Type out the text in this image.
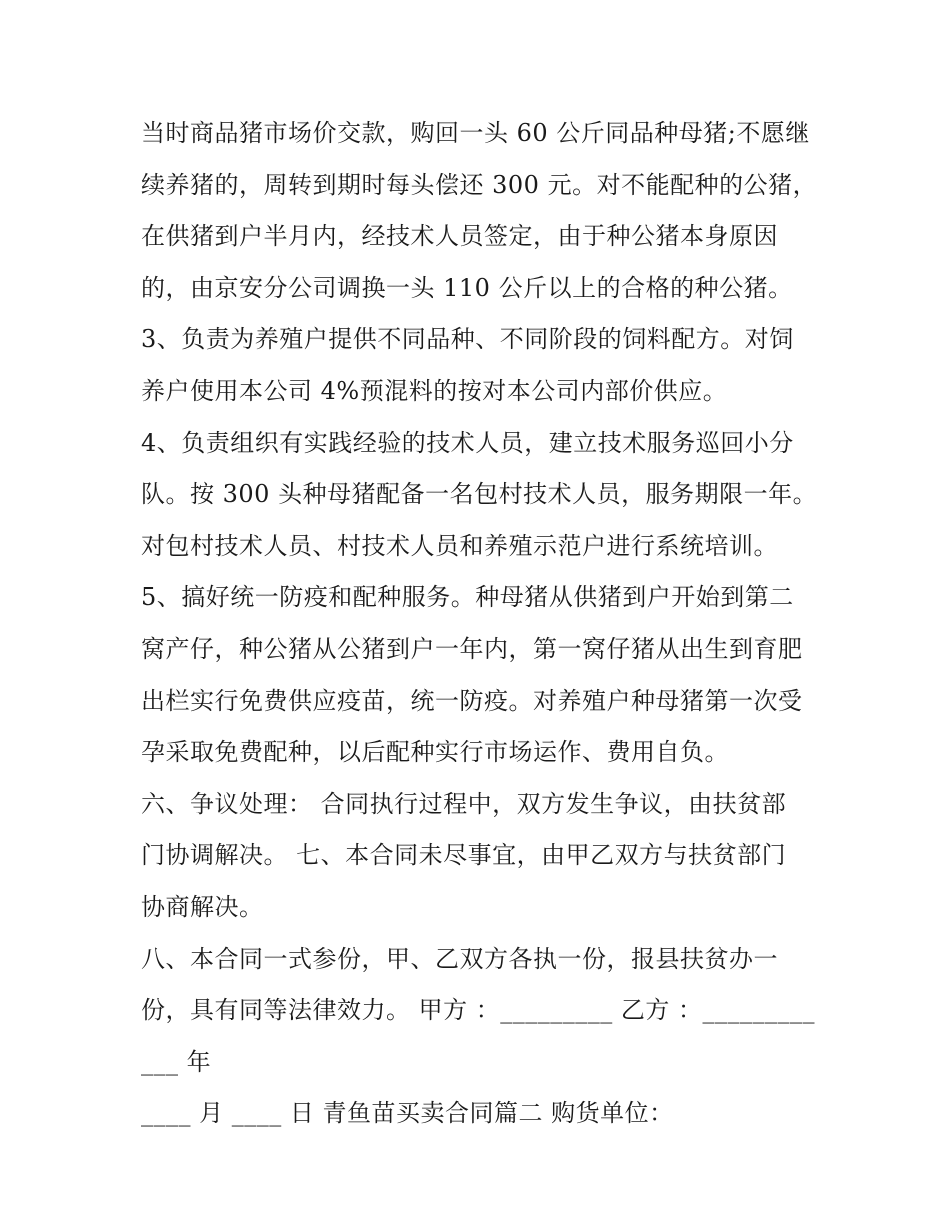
当时商品猪市场价交款，购回一头 60 公斤同品种母猪;不愿继
续养猪的，周转到期时每头偿还 300 元。对不能配种的公猪，
在供猪到户半月内，经技术人员签定，由于种公猪本身原因
的，由京安分公司调换一头 110 公斤以上的合格的种公猪。
3、负责为养殖户提供不同品种、不同阶段的饲料配方。对饲
养户使用本公司 4%预混料的按对本公司内部价供应。
4、负责组织有实践经验的技术人员，建立技术服务巡回小分
队。按 300 头种母猪配备一名包村技术人员，服务期限一年。
对包村技术人员、村技术人员和养殖示范户进行系统培训。
5、搞好统一防疫和配种服务。种母猪从供猪到户开始到第二
窝产仔，种公猪从公猪到户一年内，第一窝仔猪从出生到育肥
出栏实行免费供应疫苗，统一防疫。对养殖户种母猪第一次受
孕采取免费配种，以后配种实行市场运作、费用自负。
六、争议处理： 合同执行过程中，双方发生争议，由扶贫部
门协调解决。 七、本合同未尽事宜，由甲乙双方与扶贫部门
协商解决。
八、本合同一式参份，甲、乙双方各执一份，报县扶贫办一
份，具有同等法律效力。 甲方 ：_________ 乙方 ：_________
___ 年
____ 月 ____ 日 青鱼苗买卖合同篇二 购货单位：
